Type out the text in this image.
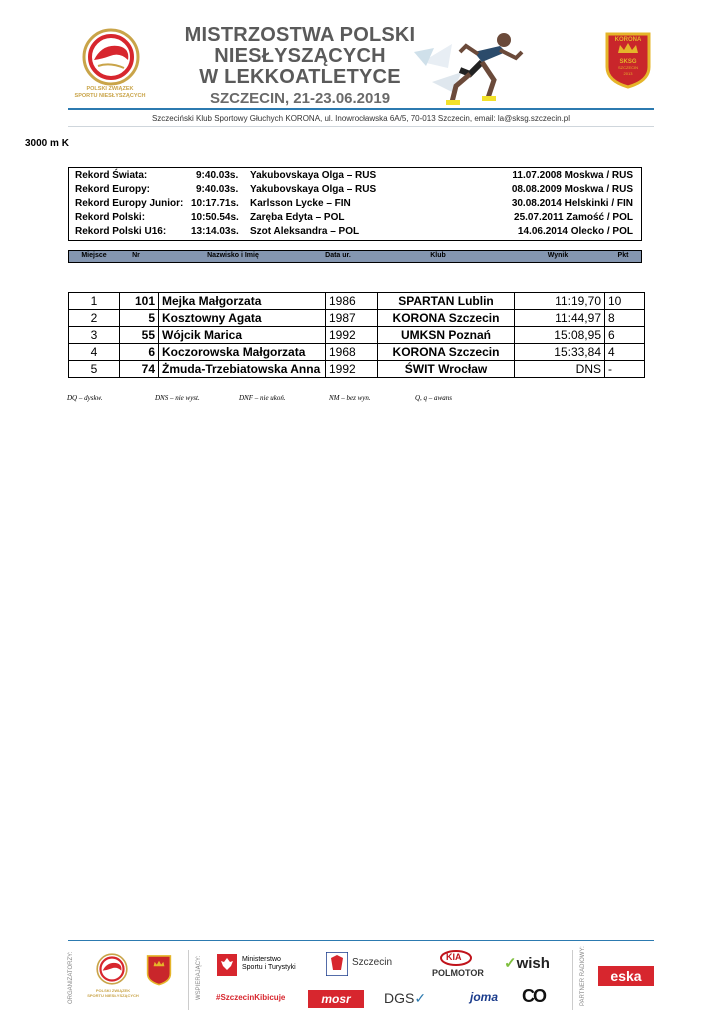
POLSKI ZWIĄZEK
SPORTU NIESŁYSZĄCYCH
MISTRZOSTWA POLSKI
NIESŁYSZĄCYCH
W LEKKOATLETYCE
SZCZECIN, 21-23.06.2019
KORONA
SKSG
SZCZECIN
2013
Szczeciński Klub Sportowy Głuchych KORONA, ul. Inowrocławska 6A/5, 70-013 Szczecin, email: la@sksg.szczecin.pl
3000 m K
Rekord Świata:	9:40.03s. Yakubovskaya Olga – RUS	11.07.2008 Moskwa / RUS
Rekord Europy:	9:40.03s. Yakubovskaya Olga – RUS	08.08.2009 Moskwa / RUS
Rekord Europy Junior: 10:17.71s. Karlsson Lycke – FIN	30.08.2014 Helskinki / FIN
Rekord Polski:	10:50.54s. Zaręba Edyta – POL	25.07.2011 Zamość / POL
Rekord Polski U16: 13:14.03s. Szot Aleksandra – POL	14.06.2014 Olecko / POL
Miejsce	Nr	Nazwisko i Imię	Data ur.	Klub	Wynik	Pkt
1	101	Mejka Małgorzata	1986	SPARTAN Lublin	11:19,70	10
2	5	Kosztowny Agata	1987	KORONA Szczecin	11:44,97	8
3	55	Wójcik Marica	1992	UMKSN Poznań	15:08,95	6
4	6	Koczorowska Małgorzata	1968	KORONA Szczecin	15:33,84	4
5	74	Żmuda-Trzebiatowska Anna	1992	ŚWIT Wrocław	DNS	-
DQ – dyskw.	DNS – nie wyst.	DNF – nie ukoń.	NM – bez wyn.	Q, q – awans
ORGANIZATORZY:	POLSKI ZWIĄZEK
SPORTU NIESŁYSZĄCYCH	WSPIERAJĄCY:	Ministerstwo
Sportu i Turystyki
#SzczecinKibicuje
Szczecin
mosr
KIA
POLMOTOR
✓wish
DGS✓	joma CO	PARTNER RADIOWY:	eska
